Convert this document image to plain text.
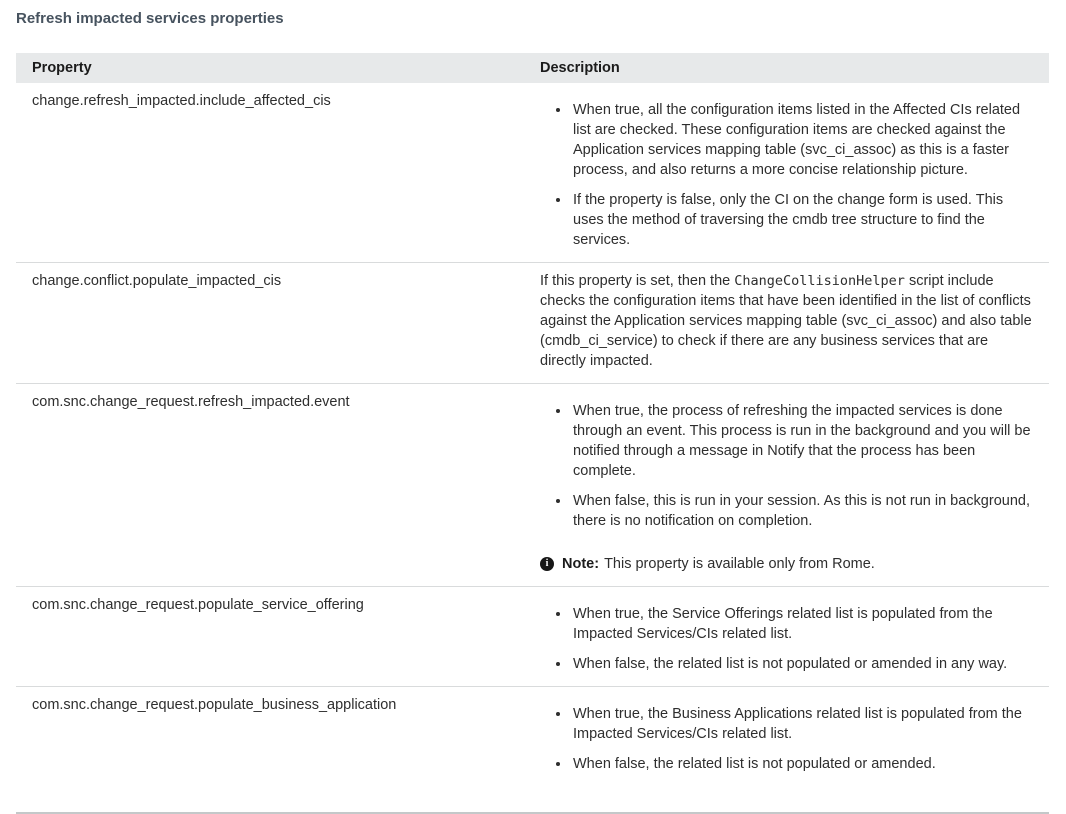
Refresh impacted services properties
Property	Description
change.refresh_impacted.include_affected_cis	
• When true, all the configuration items listed in the Affected CIs related list are checked. These configuration items are checked against the Application services mapping table (svc_ci_assoc) as this is a faster process, and also returns a more concise relationship picture.
• If the property is false, only the CI on the change form is used. This uses the method of traversing the cmdb tree structure to find the services.

change.conflict.populate_impacted_cis	If this property is set, then the ChangeCollisionHelper script include checks the configuration items that have been identified in the list of conflicts against the Application services mapping table (svc_ci_assoc) and also table (cmdb_ci_service) to check if there are any business services that are directly impacted.

com.snc.change_request.refresh_impacted.event	
• When true, the process of refreshing the impacted services is done through an event. This process is run in the background and you will be notified through a message in Notify that the process has been complete.
• When false, this is run in your session. As this is not run in background, there is no notification on completion.
i Note: This property is available only from Rome.

com.snc.change_request.populate_service_offering	
• When true, the Service Offerings related list is populated from the Impacted Services/CIs related list.
• When false, the related list is not populated or amended in any way.

com.snc.change_request.populate_business_application	
• When true, the Business Applications related list is populated from the Impacted Services/CIs related list.
• When false, the related list is not populated or amended.
